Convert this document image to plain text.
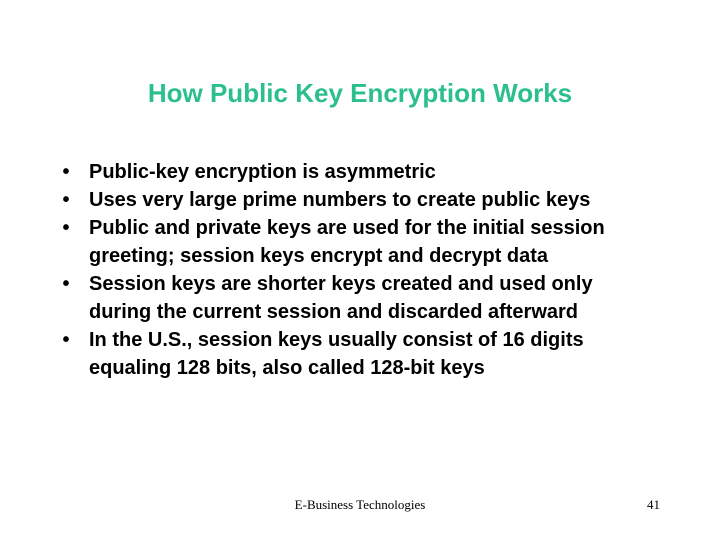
How Public Key Encryption Works
• Public-key encryption is asymmetric
• Uses very large prime numbers to create public keys
• Public and private keys are used for the initial session greeting; session keys encrypt and decrypt data
• Session keys are shorter keys created and used only during the current session and discarded afterward
• In the U.S., session keys usually consist of 16 digits equaling 128 bits, also called 128-bit keys
E-Business Technologies	41
